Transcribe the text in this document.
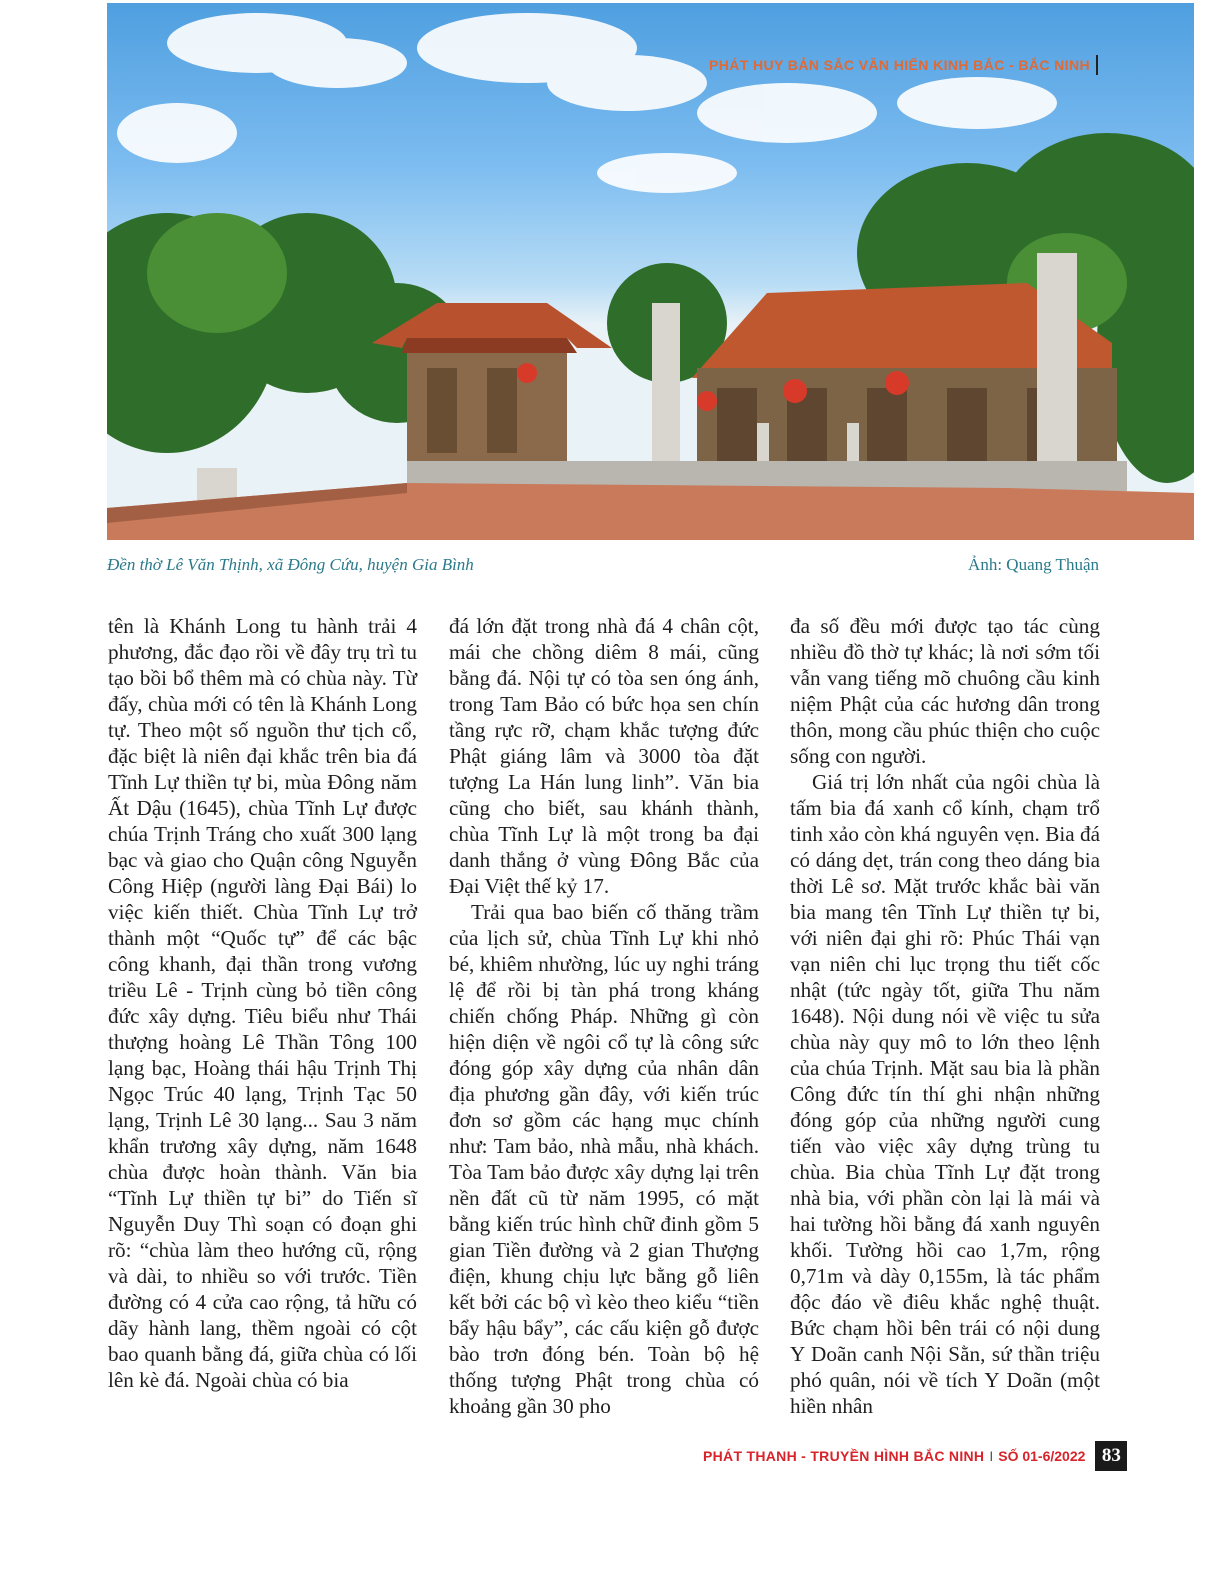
PHÁT HUY BẢN SẮC VĂN HIẾN KINH BẮC - BẮC NINH
Đền thờ Lê Văn Thịnh, xã Đông Cứu, huyện Gia Bình	Ảnh: Quang Thuận

tên là Khánh Long tu hành trải 4 phương, đắc đạo rồi về đây trụ trì tu tạo bồi bổ thêm mà có chùa này. Từ đấy, chùa mới có tên là Khánh Long tự. Theo một số nguồn thư tịch cổ, đặc biệt là niên đại khắc trên bia đá Tĩnh Lự thiền tự bi, mùa Đông năm Ất Dậu (1645), chùa Tĩnh Lự được chúa Trịnh Tráng cho xuất 300 lạng bạc và giao cho Quận công Nguyễn Công Hiệp (người làng Đại Bái) lo việc kiến thiết. Chùa Tĩnh Lự trở thành một “Quốc tự” để các bậc công khanh, đại thần trong vương triều Lê - Trịnh cùng bỏ tiền công đức xây dựng. Tiêu biểu như Thái thượng hoàng Lê Thần Tông 100 lạng bạc, Hoàng thái hậu Trịnh Thị Ngọc Trúc 40 lạng, Trịnh Tạc 50 lạng, Trịnh Lê 30 lạng... Sau 3 năm khẩn trương xây dựng, năm 1648 chùa được hoàn thành. Văn bia “Tĩnh Lự thiền tự bi” do Tiến sĩ Nguyễn Duy Thì soạn có đoạn ghi rõ: “chùa làm theo hướng cũ, rộng và dài, to nhiều so với trước. Tiền đường có 4 cửa cao rộng, tả hữu có dãy hành lang, thềm ngoài có cột bao quanh bằng đá, giữa chùa có lối lên kè đá. Ngoài chùa có bia

đá lớn đặt trong nhà đá 4 chân cột, mái che chồng diêm 8 mái, cũng bằng đá. Nội tự có tòa sen óng ánh, trong Tam Bảo có bức họa sen chín tầng rực rỡ, chạm khắc tượng đức Phật giáng lâm và 3000 tòa đặt tượng La Hán lung linh”. Văn bia cũng cho biết, sau khánh thành, chùa Tĩnh Lự là một trong ba đại danh thắng ở vùng Đông Bắc của Đại Việt thế kỷ 17.

Trải qua bao biến cố thăng trầm của lịch sử, chùa Tĩnh Lự khi nhỏ bé, khiêm nhường, lúc uy nghi tráng lệ để rồi bị tàn phá trong kháng chiến chống Pháp. Những gì còn hiện diện về ngôi cổ tự là công sức đóng góp xây dựng của nhân dân địa phương gần đây, với kiến trúc đơn sơ gồm các hạng mục chính như: Tam bảo, nhà mẫu, nhà khách. Tòa Tam bảo được xây dựng lại trên nền đất cũ từ năm 1995, có mặt bằng kiến trúc hình chữ đinh gồm 5 gian Tiền đường và 2 gian Thượng điện, khung chịu lực bằng gỗ liên kết bởi các bộ vì kèo theo kiểu “tiền bẩy hậu bẩy”, các cấu kiện gỗ được bào trơn đóng bén. Toàn bộ hệ thống tượng Phật trong chùa có khoảng gần 30 pho

đa số đều mới được tạo tác cùng nhiều đồ thờ tự khác; là nơi sớm tối vẫn vang tiếng mõ chuông cầu kinh niệm Phật của các hương dân trong thôn, mong cầu phúc thiện cho cuộc sống con người.

Giá trị lớn nhất của ngôi chùa là tấm bia đá xanh cổ kính, chạm trổ tinh xảo còn khá nguyên vẹn. Bia đá có dáng dẹt, trán cong theo dáng bia thời Lê sơ. Mặt trước khắc bài văn bia mang tên Tĩnh Lự thiền tự bi, với niên đại ghi rõ: Phúc Thái vạn vạn niên chi lục trọng thu tiết cốc nhật (tức ngày tốt, giữa Thu năm 1648). Nội dung nói về việc tu sửa chùa này quy mô to lớn theo lệnh của chúa Trịnh. Mặt sau bia là phần Công đức tín thí ghi nhận những đóng góp của những người cung tiến vào việc xây dựng trùng tu chùa. Bia chùa Tĩnh Lự đặt trong nhà bia, với phần còn lại là mái và hai tường hồi bằng đá xanh nguyên khối. Tường hồi cao 1,7m, rộng 0,71m và dày 0,155m, là tác phẩm độc đáo về điêu khắc nghệ thuật. Bức chạm hồi bên trái có nội dung Y Doãn canh Nội Sằn, sứ thần triệu phó quân, nói về tích Y Doãn (một hiền nhân

PHÁT THANH - TRUYỀN HÌNH BẮC NINH I SỐ 01-6/2022 83
